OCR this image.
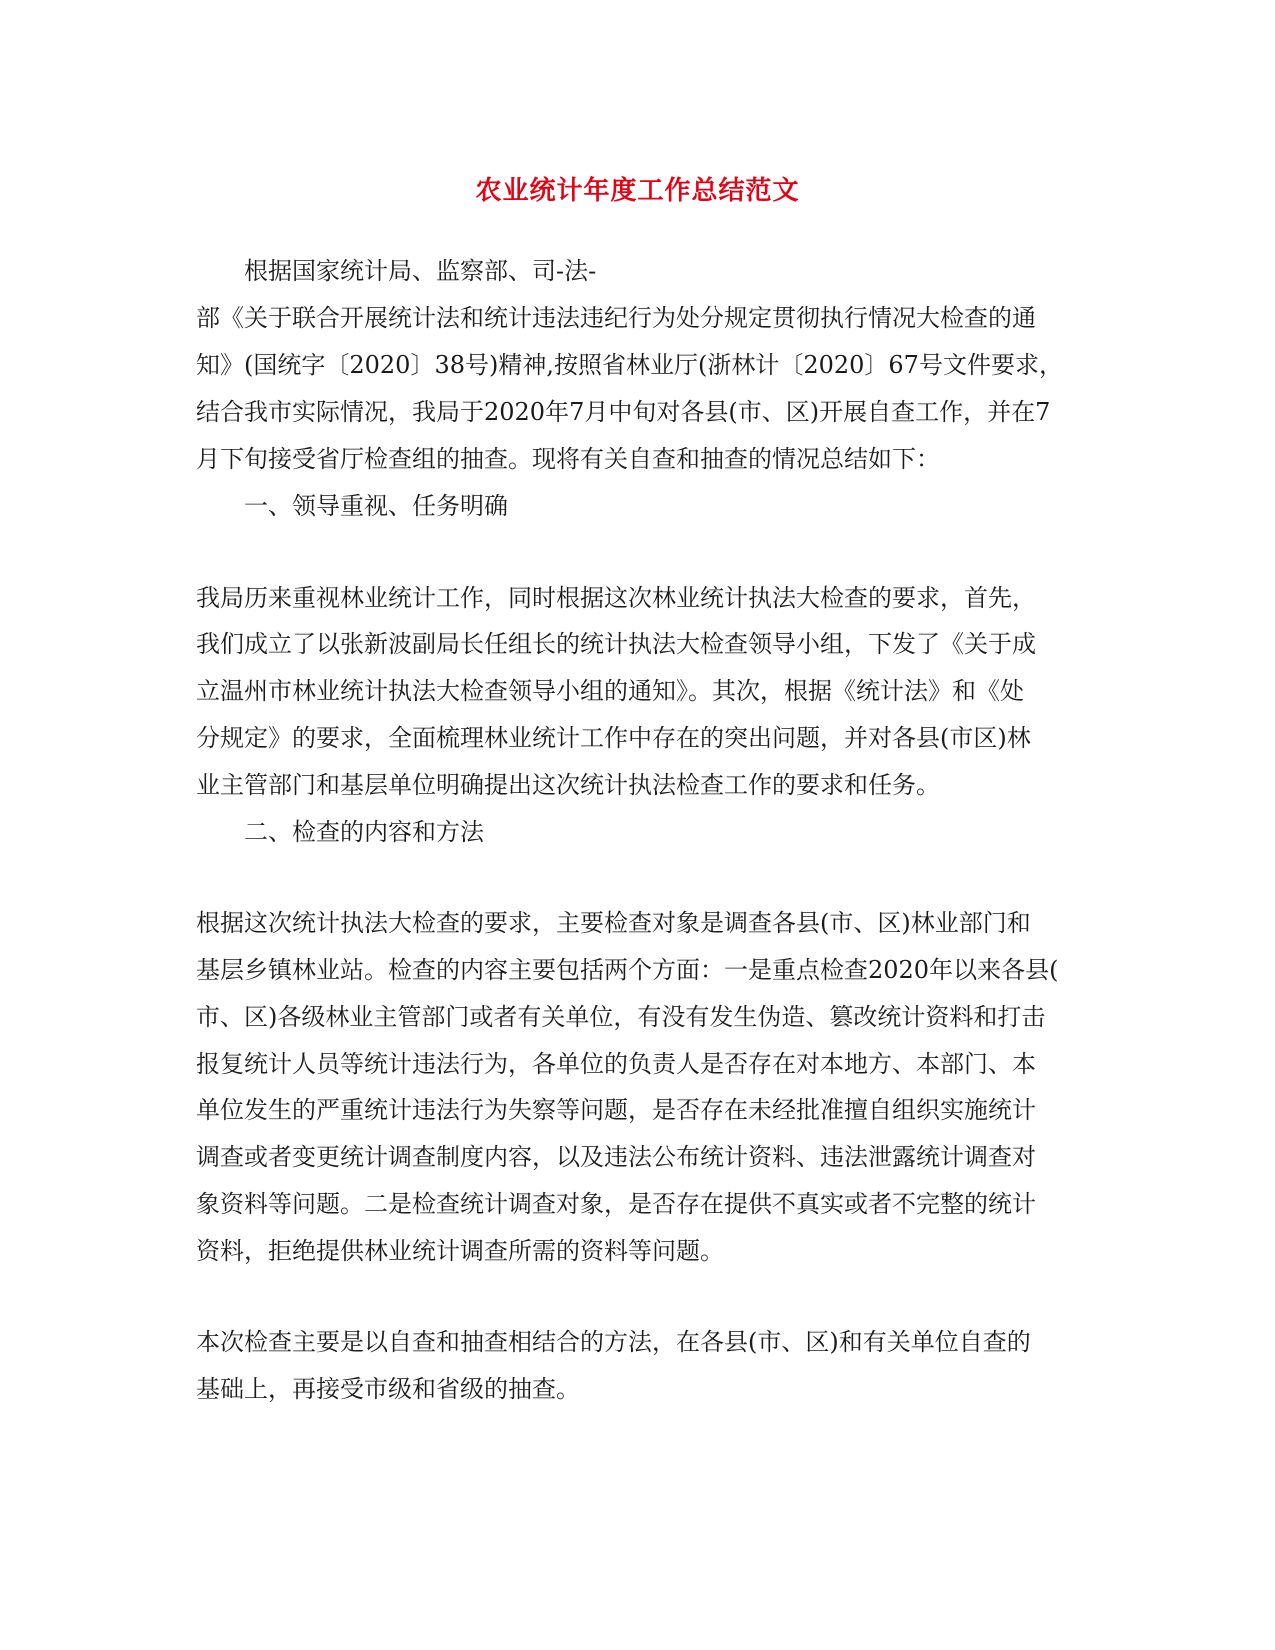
农业统计年度工作总结范文

根据国家统计局、监察部、司-法-

部《关于联合开展统计法和统计违法违纪行为处分规定贯彻执行情况大检查的通

知》(国统字〔2020〕38号)精神,按照省林业厅(浙林计〔2020〕67号文件要求，

结合我市实际情况，我局于2020年7月中旬对各县(市、区)开展自查工作，并在7

月下旬接受省厅检查组的抽查。现将有关自查和抽查的情况总结如下：

一、领导重视、任务明确

我局历来重视林业统计工作，同时根据这次林业统计执法大检查的要求，首先，

我们成立了以张新波副局长任组长的统计执法大检查领导小组，下发了《关于成

立温州市林业统计执法大检查领导小组的通知》。其次，根据《统计法》和《处

分规定》的要求，全面梳理林业统计工作中存在的突出问题，并对各县(市区)林

业主管部门和基层单位明确提出这次统计执法检查工作的要求和任务。

二、检查的内容和方法

根据这次统计执法大检查的要求，主要检查对象是调查各县(市、区)林业部门和

基层乡镇林业站。检查的内容主要包括两个方面：一是重点检查2020年以来各县(

市、区)各级林业主管部门或者有关单位，有没有发生伪造、篡改统计资料和打击

报复统计人员等统计违法行为，各单位的负责人是否存在对本地方、本部门、本

单位发生的严重统计违法行为失察等问题，是否存在未经批准擅自组织实施统计

调查或者变更统计调查制度内容，以及违法公布统计资料、违法泄露统计调查对

象资料等问题。二是检查统计调查对象，是否存在提供不真实或者不完整的统计

资料，拒绝提供林业统计调查所需的资料等问题。

本次检查主要是以自查和抽查相结合的方法，在各县(市、区)和有关单位自查的

基础上，再接受市级和省级的抽查。
